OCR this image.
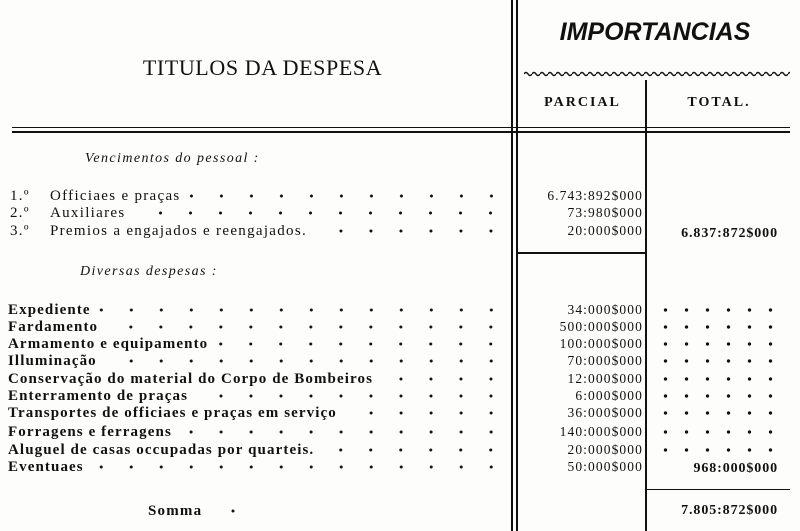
TITULOS DA DESPESA
IMPORTANCIAS
PARCIAL	TOTAL.
Vencimentos do pessoal :
1.º	Officiaes e praças	6.743:892$000
2.º	Auxiliares	73:980$000
3.º	Premios a engajados e reengajados.	20:000$000	6.837:872$000
Diversas despesas :
Expediente	34:000$000
Fardamento	500:000$000
Armamento e equipamento	100:000$000
Illuminação	70:000$000
Conservação do material do Corpo de Bombeiros	12:000$000
Enterramento de praças	6:000$000
Transportes de officiaes e praças em serviço	36:000$000
Forragens e ferragens	140:000$000
Aluguel de casas occupadas por quarteis.	20:000$000
Eventuaes	50:000$000	968:000$000
Somma	7.805:872$000
